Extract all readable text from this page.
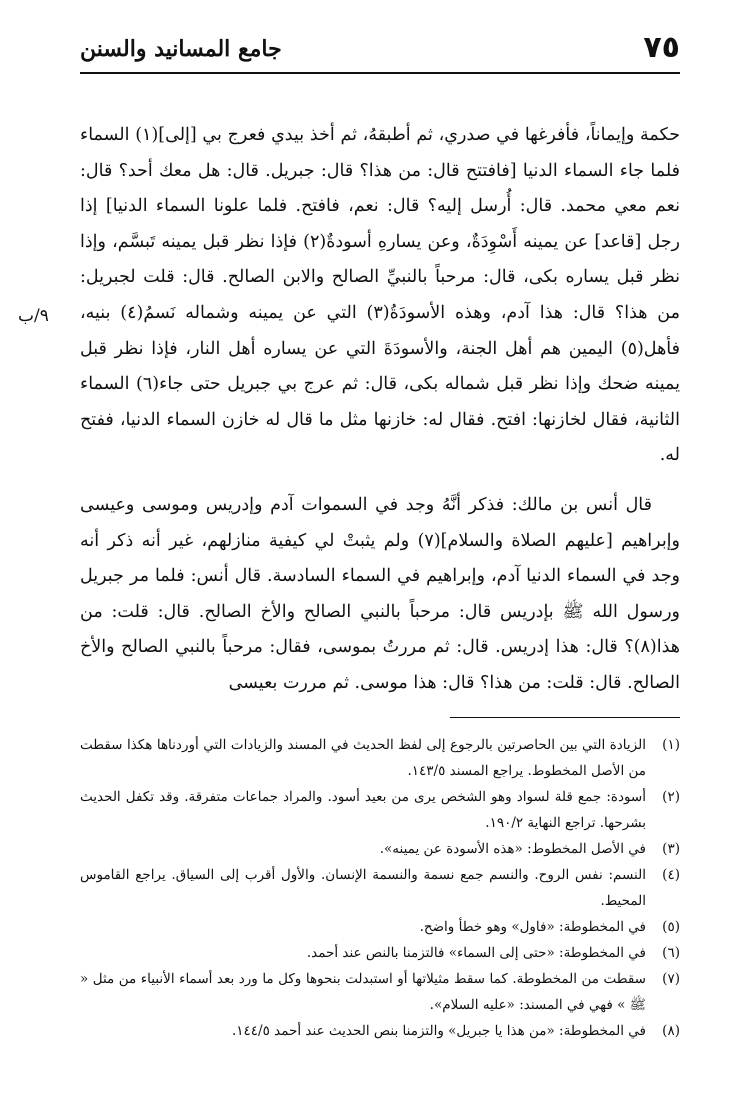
٧٥
جامع المسانيد والسنن
٩/ب

حكمة وإيماناً، فأفرغها في صدري، ثم أطبقهُ، ثم أخذ بيدي فعرج بي [إلى](١) السماء فلما جاء السماء الدنيا [فافتتح قال: من هذا؟ قال: جبريل. قال: هل معك أحد؟ قال: نعم معي محمد. قال: أُرسل إليه؟ قال: نعم، فافتح. فلما علونا السماء الدنيا] إذا رجل [قاعد] عن يمينه أَسْوِدَةٌ، وعن يسارهِ أسودةٌ(٢) فإذا نظر قبل يمينه تَبسَّم، وإذا نظر قبل يساره بكى، قال: مرحباً بالنبيِّ الصالح والابن الصالح. قال: قلت لجبريل: من هذا؟ قال: هذا آدم، وهذه الأسودَةُ(٣) التي عن يمينه وشماله نَسمُ(٤) بنيه، فأهل(٥) اليمين هم أهل الجنة، والأسودَةَ التي عن يساره أهل النار، فإذا نظر قبل يمينه ضحك وإذا نظر قبل شماله بكى، قال: ثم عرج بي جبريل حتى جاء(٦) السماء الثانية، فقال لخازنها: افتح. فقال له: خازنها مثل ما قال له خازن السماء الدنيا، ففتح له.

قال أنس بن مالك: فذكر أنَّهُ وجد في السموات آدم وإدريس وموسى وعيسى وإبراهيم [عليهم الصلاة والسلام](٧) ولم يثبتْ لي كيفية منازلهم، غير أنه ذكر أنه وجد في السماء الدنيا آدم، وإبراهيم في السماء السادسة. قال أنس: فلما مر جبريل ورسول الله ﷺ بإدريس قال: مرحباً بالنبي الصالح والأخ الصالح. قال: قلت: من هذا(٨)؟ قال: هذا إدريس. قال: ثم مررتُ بموسى، فقال: مرحباً بالنبي الصالح والأخ الصالح. قال: قلت: من هذا؟ قال: هذا موسى. ثم مررت بعيسى

(١)
الزيادة التي بين الحاصرتين بالرجوع إلى لفظ الحديث في المسند والزيادات التي أوردناها هكذا سقطت من الأصل المخطوط. يراجع المسند ١٤٣/٥.
(٢)
أسودة: جمع قلة لسواد وهو الشخص يرى من بعيد أسود. والمراد جماعات متفرقة. وقد تكفل الحديث بشرحها. تراجع النهاية ١٩٠/٢.
(٣)
في الأصل المخطوط: «هذه الأسودة عن يمينه».
(٤)
النسم: نفس الروح. والنسم جمع نسمة والنسمة الإنسان. والأول أقرب إلى السياق. يراجع القاموس المحيط.
(٥)
في المخطوطة: «فاول» وهو خطأ واضح.
(٦)
في المخطوطة: «حتى إلى السماء» فالتزمنا بالنص عند أحمد.
(٧)
سقطت من المخطوطة. كما سقط مثيلاتها أو استبدلت بنحوها وكل ما ورد بعد أسماء الأنبياء من مثل « ﷺ » فهي في المسند: «عليه السلام».
(٨)
في المخطوطة: «من هذا يا جبريل» والتزمنا بنص الحديث عند أحمد ١٤٤/٥.
